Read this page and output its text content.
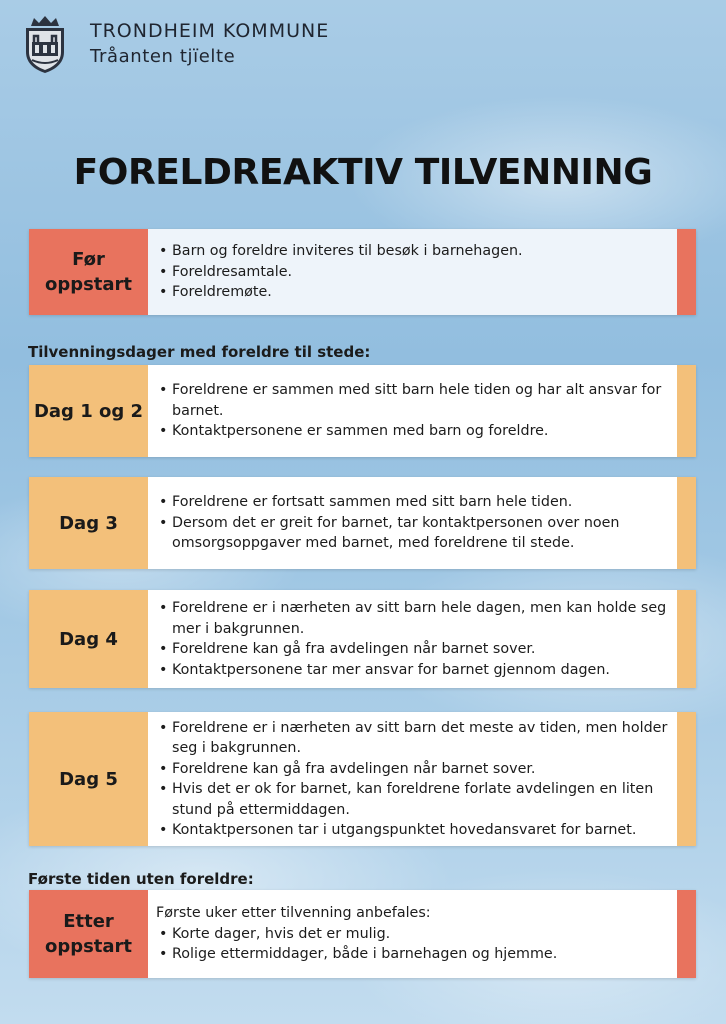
TRONDHEIM KOMMUNE
Tråanten tjïelte
FORELDREAKTIV TILVENNING
Før
oppstart
• Barn og foreldre inviteres til besøk i barnehagen.
• Foreldresamtale.
• Foreldremøte.
Tilvenningsdager med foreldre til stede:
Dag 1 og 2
• Foreldrene er sammen med sitt barn hele tiden og har alt ansvar for barnet.
• Kontaktpersonene er sammen med barn og foreldre.
Dag 3
• Foreldrene er fortsatt sammen med sitt barn hele tiden.
• Dersom det er greit for barnet, tar kontaktpersonen over noen omsorgsoppgaver med barnet, med foreldrene til stede.
Dag 4
• Foreldrene er i nærheten av sitt barn hele dagen, men kan holde seg mer i bakgrunnen.
• Foreldrene kan gå fra avdelingen når barnet sover.
• Kontaktpersonene tar mer ansvar for barnet gjennom dagen.
Dag 5
• Foreldrene er i nærheten av sitt barn det meste av tiden, men holder seg i bakgrunnen.
• Foreldrene kan gå fra avdelingen når barnet sover.
• Hvis det er ok for barnet, kan foreldrene forlate avdelingen en liten stund på ettermiddagen.
• Kontaktpersonen tar i utgangspunktet hovedansvaret for barnet.
Første tiden uten foreldre:
Etter
oppstart

Første uker etter tilvenning anbefales:

• Korte dager, hvis det er mulig.
• Rolige ettermiddager, både i barnehagen og hjemme.
